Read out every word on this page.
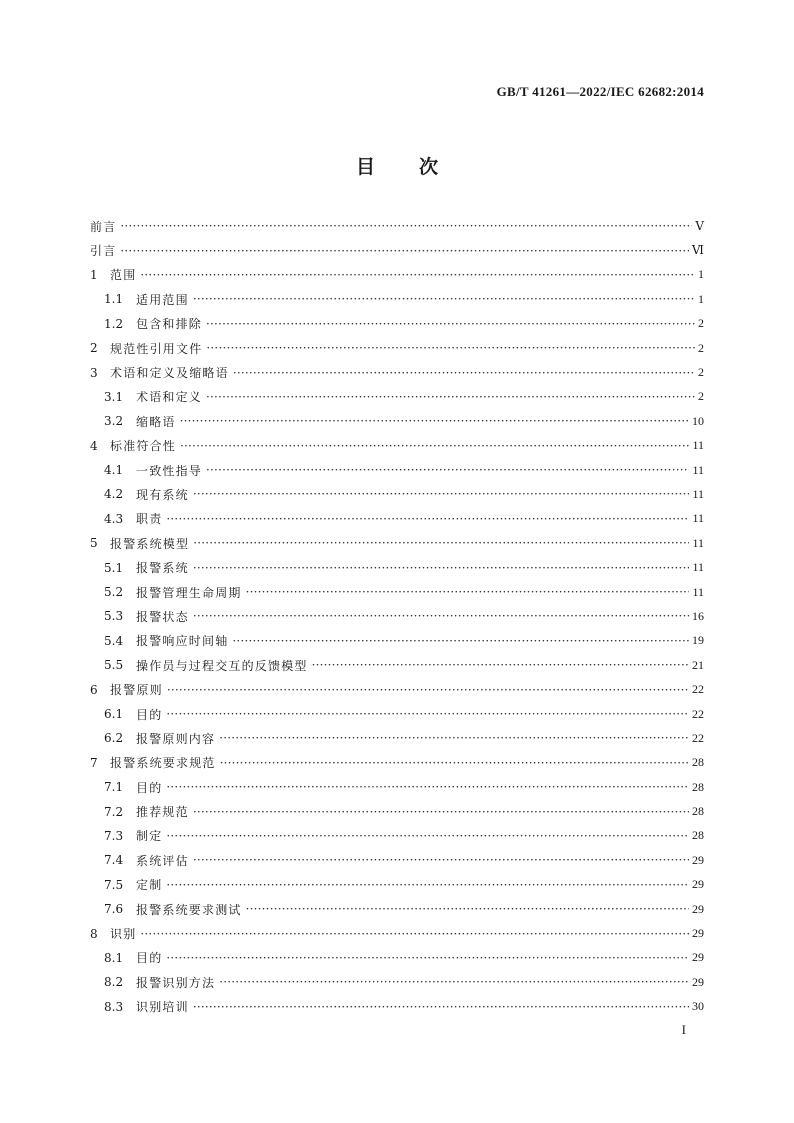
GB/T 41261—2022/IEC 62682:2014
目次
前言 ·····	Ⅴ
引言 ·····	Ⅵ
1	范围 ·····	1
1.1	适用范围 ·····	1
1.2	包含和排除 ·····	2
2	规范性引用文件 ·····	2
3	术语和定义及缩略语 ·····	2
3.1	术语和定义 ·····	2
3.2	缩略语 ·····	10
4	标准符合性 ·····	11
4.1	一致性指导 ·····	11
4.2	现有系统 ·····	11
4.3	职责 ·····	11
5	报警系统模型 ·····	11
5.1	报警系统 ·····	11
5.2	报警管理生命周期 ·····	11
5.3	报警状态 ·····	16
5.4	报警响应时间轴 ·····	19
5.5	操作员与过程交互的反馈模型 ·····	21
6	报警原则 ·····	22
6.1	目的 ·····	22
6.2	报警原则内容 ·····	22
7	报警系统要求规范 ·····	28
7.1	目的 ·····	28
7.2	推荐规范 ·····	28
7.3	制定 ·····	28
7.4	系统评估 ·····	29
7.5	定制 ·····	29
7.6	报警系统要求测试 ·····	29
8	识别 ·····	29
8.1	目的 ·····	29
8.2	报警识别方法 ·····	29
8.3	识别培训 ·····	30
I
